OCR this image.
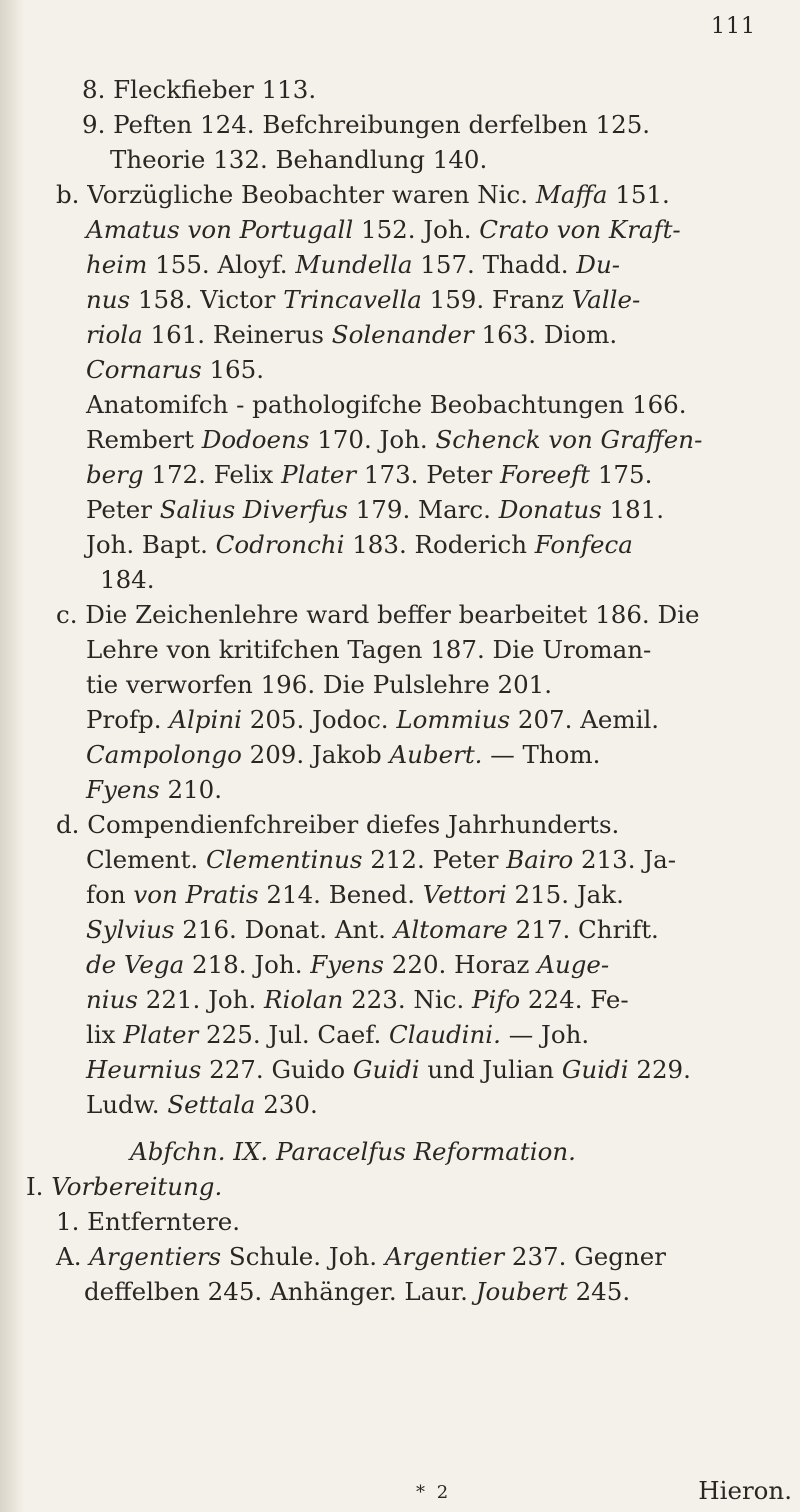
111

8. Fleckfieber 113.

9. Peften 124. Befchreibungen derfelben 125.
Theorie 132. Behandlung 140.

b. Vorzügliche Beobachter waren Nic. Maffa 151.
Amatus von Portugall 152. Joh. Crato von Kraft-
heim 155. Aloyf. Mundella 157. Thadd. Du-
nus 158. Victor Trincavella 159. Franz Valle-
riola 161. Reinerus Solenander 163. Diom.
Cornarus 165.

Anatomifch - pathologifche Beobachtungen 166.
Rembert Dodoens 170. Joh. Schenck von Graffen-
berg 172. Felix Plater 173. Peter Foreeft 175.
Peter Salius Diverfus 179. Marc. Donatus 181.
Joh. Bapt. Codronchi 183. Roderich Fonfeca
184.

c. Die Zeichenlehre ward beffer bearbeitet 186. Die
Lehre von kritifchen Tagen 187. Die Uroman-
tie verworfen 196. Die Pulslehre 201.
Profp. Alpini 205. Jodoc. Lommius 207. Aemil.
Campolongo 209. Jakob Aubert. — Thom.
Fyens 210.

d. Compendienfchreiber diefes Jahrhunderts.
Clement. Clementinus 212. Peter Bairo 213. Ja-
fon von Pratis 214. Bened. Vettori 215. Jak.
Sylvius 216. Donat. Ant. Altomare 217. Chrift.
de Vega 218. Joh. Fyens 220. Horaz Auge-
nius 221. Joh. Riolan 223. Nic. Pifo 224. Fe-
lix Plater 225. Jul. Caef. Claudini. — Joh.
Heurnius 227. Guido Guidi und Julian Guidi 229.
Ludw. Settala 230.

Abfchn. IX. Paracelfus Reformation.

I. Vorbereitung.

1. Entferntere.

A. Argentiers Schule. Joh. Argentier 237. Gegner
deffelben 245. Anhänger. Laur. Joubert 245.

* 2	Hieron.
